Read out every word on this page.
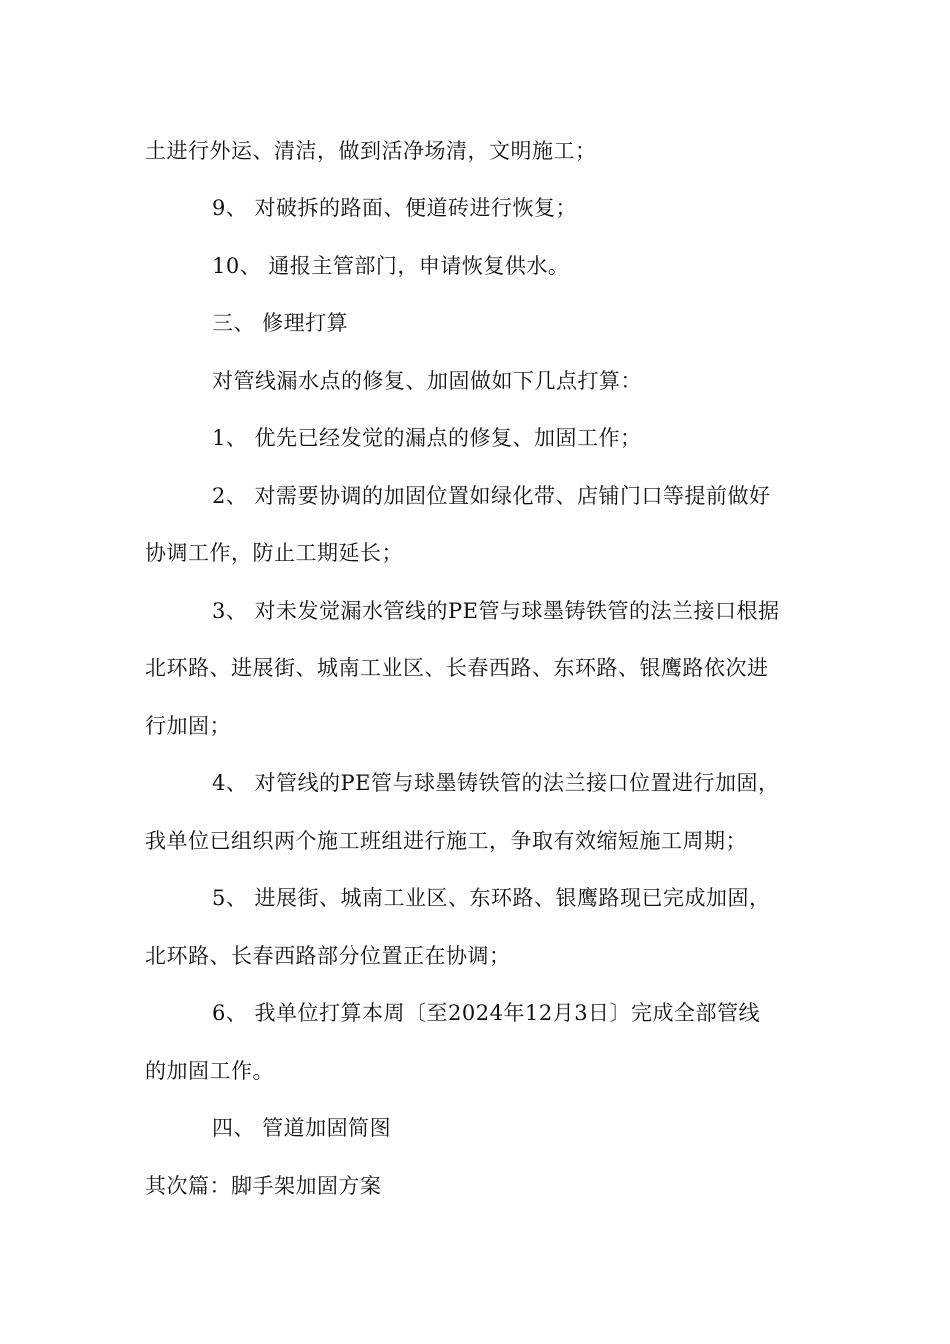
土进行外运、清洁，做到活净场清，文明施工；
9、 对破拆的路面、便道砖进行恢复；
10、 通报主管部门，申请恢复供水。
三、 修理打算
对管线漏水点的修复、加固做如下几点打算：
1、 优先已经发觉的漏点的修复、加固工作；
2、 对需要协调的加固位置如绿化带、店铺门口等提前做好
协调工作，防止工期延长；
3、 对未发觉漏水管线的PE管与球墨铸铁管的法兰接口根据
北环路、进展街、城南工业区、长春西路、东环路、银鹰路依次进
行加固；
4、 对管线的PE管与球墨铸铁管的法兰接口位置进行加固，
我单位已组织两个施工班组进行施工，争取有效缩短施工周期；
5、 进展街、城南工业区、东环路、银鹰路现已完成加固，
北环路、长春西路部分位置正在协调；
6、 我单位打算本周〔至2024年12月3日〕完成全部管线
的加固工作。
四、 管道加固简图
其次篇：脚手架加固方案
